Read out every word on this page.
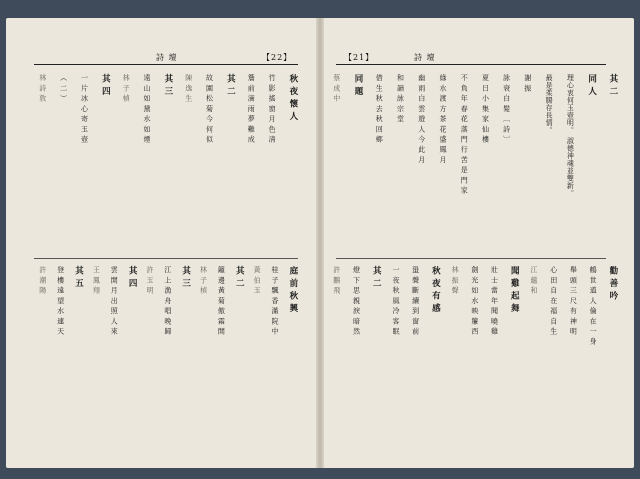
詩 壇	【22】
秋 夜 懷 人
竹 影 搖 窗 月 色 清
簷 前 滴 雨 夢 難 成
其 二
故 園 松 菊 今 何 似
陳 逸 生
其 三
遠 山 如 黛 水 如 煙
林 子 楨
其 四
一 片 冰 心 寄 玉 壺
（ 二 ）
林 詩 敦
庭 前 秋 興
桂 子 飄 香 滿 院 中
黃 伯 玉
其 二
籬 邊 黃 菊 傲 霜 開
林 子 楨
其 三
江 上 漁 舟 唱 晚 歸
許 玉 明
其 四
雲 開 月 出 照 人 來
王 鳳 翔
其 五
登 樓 遠 望 水 連 天
許 潮 陽
【21】	詩 壇
其 二
同 人
理心衷何玉壺明。 淑德神魂並雙新。
最是柔腸存長情。
謝 振
詠 衰 白 髮 〔 詩 〕
夏 日 小 集 家 仙 樓
不 負 年 春 花 落 門 行 苦 是 門 家
綠 水 渡 方 茶 花 盛 鳳 月
幽 雨 白 雲 遊 人 今 此 月
和 韻 詠 宗 堂
借 生 秋 去 秋 回 鄉
同 題
蔡 成 中
勸 善 吟
鶴 世 道 人 倫 在 一 身
舉 頭 三 尺 有 神 明
心 田 自 在 福 自 生
江 蘊 和
聞 雞 起 舞
壯 士 當 年 聞 曉 雞
劍 光 如 水 映 簾 西
林 振 聲
秋 夜 有 感
蛩 聲 斷 續 到 窗 前
一 夜 秋 風 冷 客 眠
其 二
燈 下 思 親 淚 暗 然
許 鵬 飛
